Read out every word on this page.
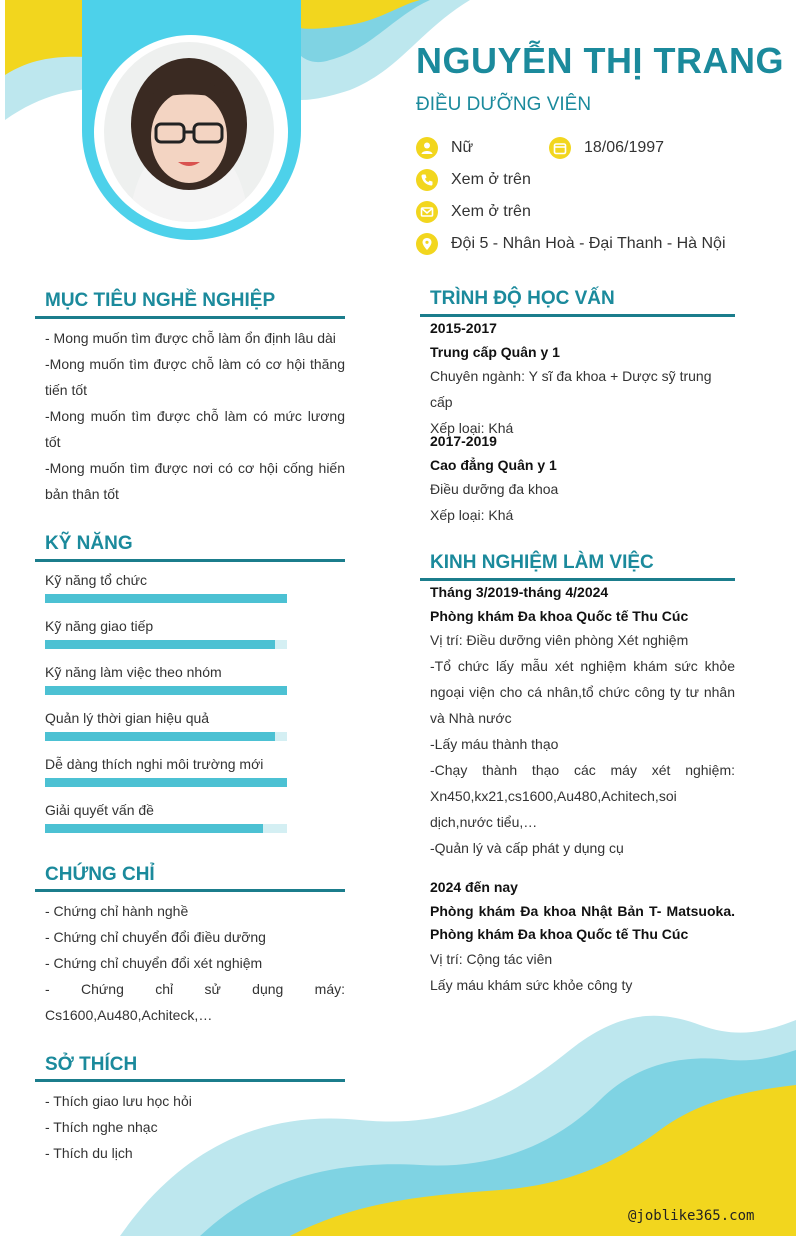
NGUYỄN THỊ TRANG
ĐIỀU DƯỠNG VIÊN
Nữ	18/06/1997
Xem ở trên
Xem ở trên
Đội 5 - Nhân Hoà - Đại Thanh - Hà Nội
MỤC TIÊU NGHỀ NGHIỆP
- Mong muốn tìm được chỗ làm ổn định lâu dài
-Mong muốn tìm được chỗ làm có cơ hội thăng tiến tốt
-Mong muốn tìm được chỗ làm có mức lương tốt
-Mong muốn tìm được nơi có cơ hội cống hiến bản thân tốt
KỸ NĂNG
Kỹ năng tổ chức
Kỹ năng giao tiếp
Kỹ năng làm việc theo nhóm
Quản lý thời gian hiệu quả
Dễ dàng thích nghi môi trường mới
Giải quyết vấn đề
CHỨNG CHỈ
- Chứng chỉ hành nghề
- Chứng chỉ chuyển đổi điều dưỡng
- Chứng chỉ chuyển đổi xét nghiệm
- Chứng chỉ sử dụng máy: Cs1600,Au480,Achiteck,…
SỞ THÍCH
- Thích giao lưu học hỏi
- Thích nghe nhạc
- Thích du lịch
TRÌNH ĐỘ HỌC VẤN
2015-2017
Trung cấp Quân y 1
Chuyên ngành: Y sĩ đa khoa + Dược sỹ trung cấp
Xếp loại: Khá
2017-2019
Cao đẳng Quân y 1
Điều dưỡng đa khoa
Xếp loại: Khá
KINH NGHIỆM LÀM VIỆC
Tháng 3/2019-tháng 4/2024
Phòng khám Đa khoa Quốc tế Thu Cúc
Vị trí: Điều dưỡng viên phòng Xét nghiệm
-Tổ chức lấy mẫu xét nghiệm khám sức khỏe ngoại viện cho cá nhân,tổ chức công ty tư nhân và Nhà nước
-Lấy máu thành thạo
-Chạy thành thạo các máy xét nghiệm: Xn450,kx21,cs1600,Au480,Achitech,soi dịch,nước tiểu,…
-Quản lý và cấp phát y dụng cụ
2024 đến nay
Phòng khám Đa khoa Nhật Bản T- Matsuoka. Phòng khám Đa khoa Quốc tế Thu Cúc
Vị trí: Cộng tác viên
Lấy máu khám sức khỏe công ty
@joblike365.com
